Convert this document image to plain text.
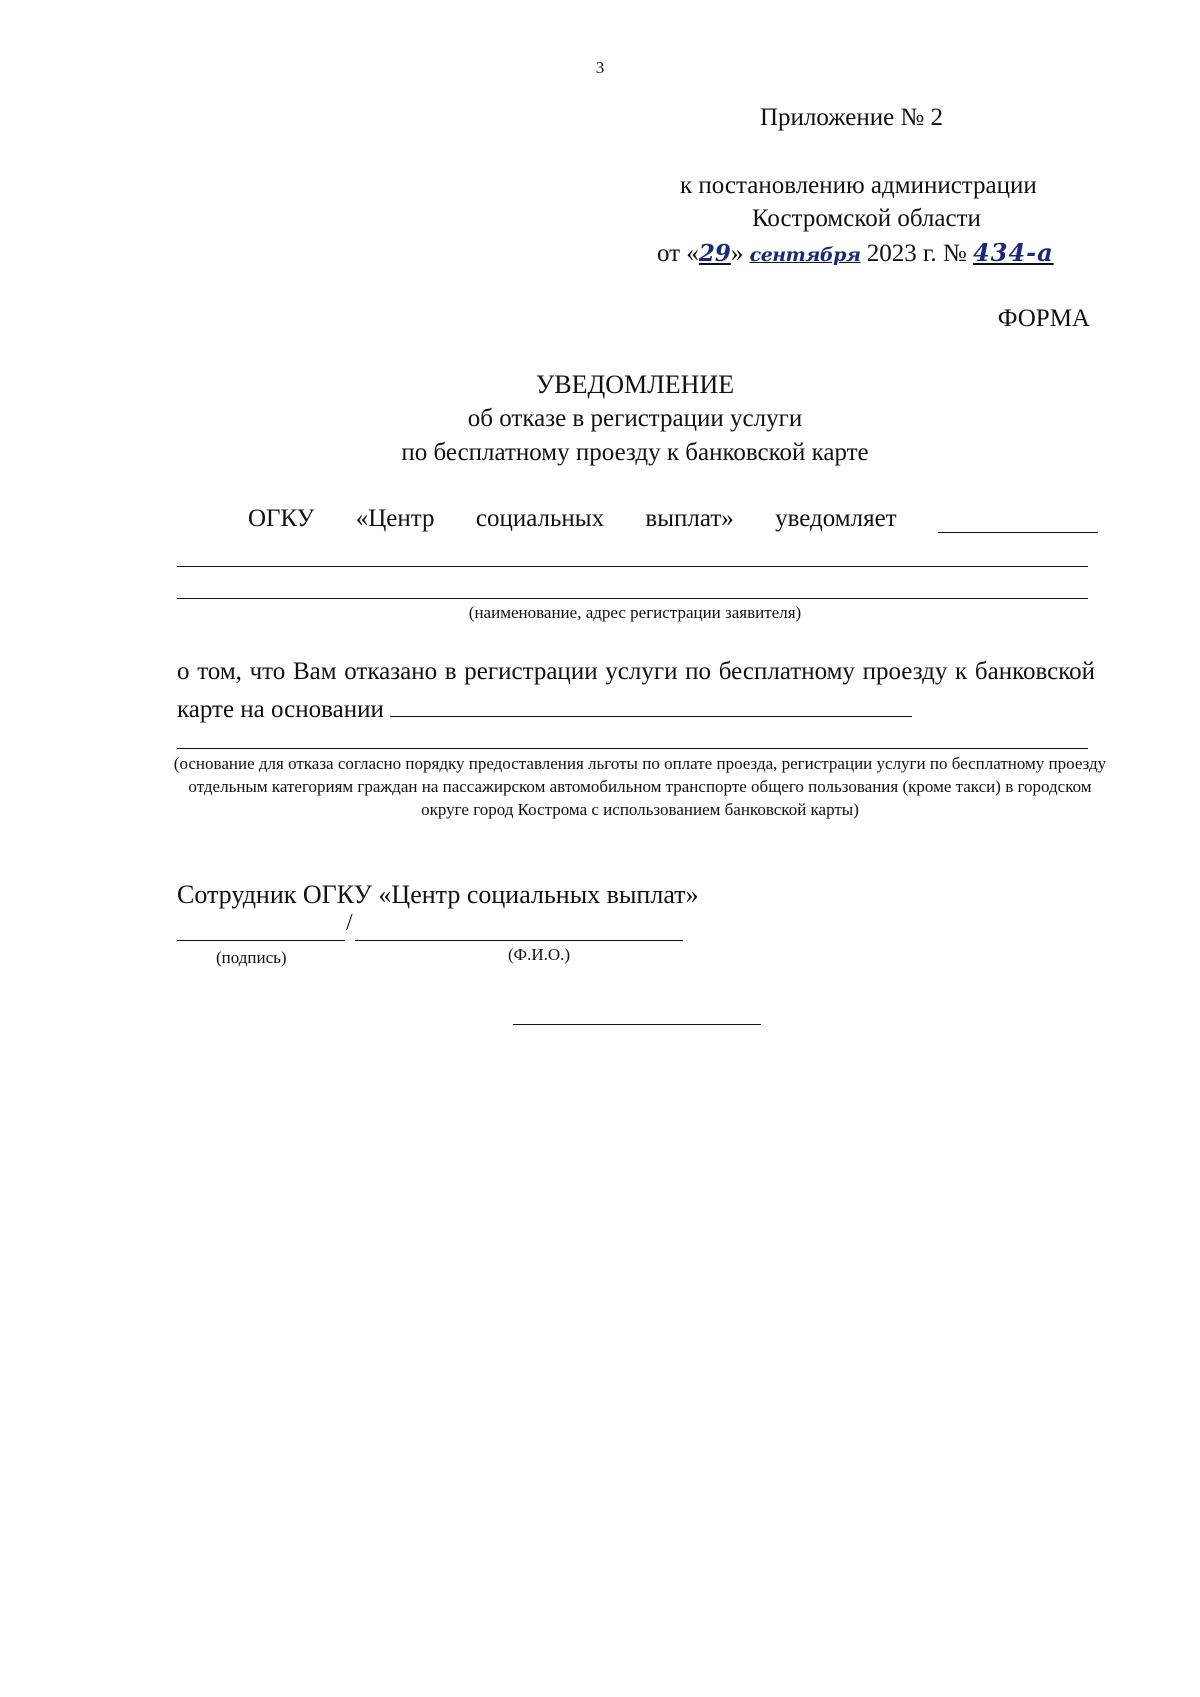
3
Приложение № 2
к постановлению администрации
Костромской области
от «29» сентября 2023 г. № 434-а
ФОРМА
УВЕДОМЛЕНИЕ
об отказе в регистрации услуги
по бесплатному проезду к банковской карте
ОГКУ «Центр социальных выплат» уведомляет
(наименование, адрес регистрации заявителя)
о том, что Вам отказано в регистрации услуги по бесплатному проезду к банковской карте на основании
(основание для отказа согласно порядку предоставления льготы по оплате проезда, регистрации услуги по бесплатному проезду отдельным категориям граждан на пассажирском автомобильном транспорте общего пользования (кроме такси) в городском округе город Кострома с использованием банковской карты)
Сотрудник ОГКУ «Центр социальных выплат»
/
(подпись)	(Ф.И.О.)
